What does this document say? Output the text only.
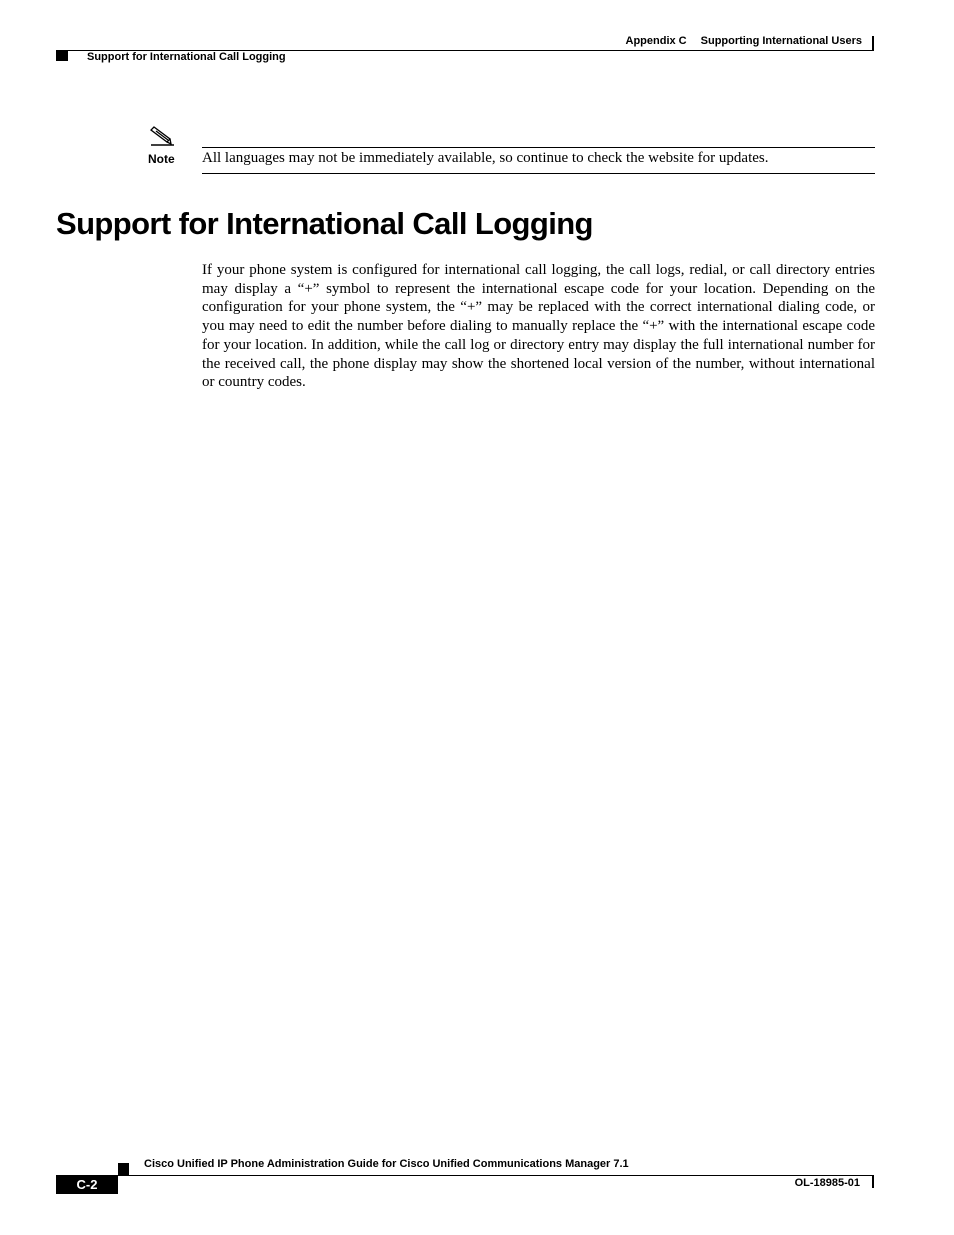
Appendix C Supporting International Users
Support for International Call Logging
Note All languages may not be immediately available, so continue to check the website for updates.
Support for International Call Logging

If your phone system is configured for international call logging, the call logs, redial, or call directory entries may display a “+” symbol to represent the international escape code for your location. Depending on the configuration for your phone system, the “+” may be replaced with the correct international dialing code, or you may need to edit the number before dialing to manually replace the “+” with the international escape code for your location. In addition, while the call log or directory entry may display the full international number for the received call, the phone display may show the shortened local version of the number, without international or country codes.

Cisco Unified IP Phone Administration Guide for Cisco Unified Communications Manager 7.1
C-2	OL-18985-01
